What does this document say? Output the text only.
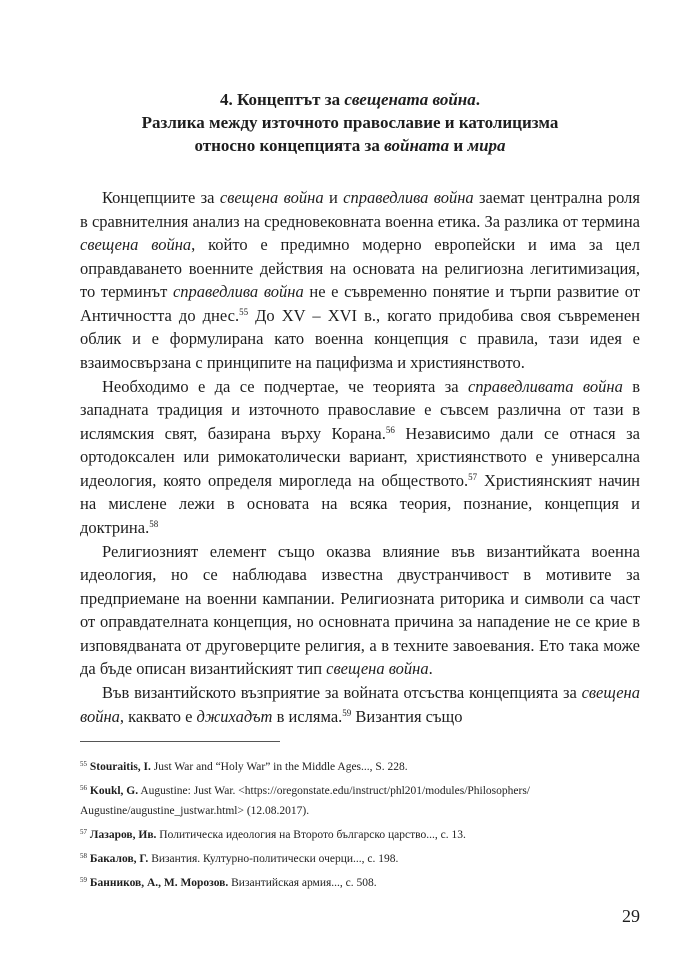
4. Концептът за свещената война.
Разлика между източното православие и католицизма
относно концепцията за войната и мира

Концепциите за свещена война и справедлива война заемат централна роля в сравнителния анализ на средновековната военна етика. За разлика от термина свещена война, който е предимно модерно европейски и има за цел оправдаването военните действия на основата на религиозна легитимизация, то терминът справедлива война не е съвременно понятие и търпи развитие от Античността до днес.$^{55}$ До XV – XVI в., когато придобива своя съвременен облик и е формулирана като военна концепция с правила, тази идея е взаимосвързана с принципите на пацифизма и християнството.

Необходимо е да се подчертае, че теорията за справедливата война в западната традиция и източното православие е съвсем различна от тази в ислямския свят, базирана върху Корана.$^{56}$ Независимо дали се отнася за ортодоксален или римокатолически вариант, християнството е универсална идеология, която определя мирогледа на обществото.$^{57}$ Християнският начин на мислене лежи в основата на всяка теория, познание, концепция и доктрина.$^{58}$

Религиозният елемент също оказва влияние във византийката военна идеология, но се наблюдава известна двустранчивост в мотивите за предприемане на военни кампании. Религиозната риторика и символи са част от оправдателната концепция, но основната причина за нападение не се крие в изповядваната от друговерците религия, а в техните завоевания. Ето така може да бъде описан византийският тип свещена война.

Във византийското възприятие за войната отсъства концепцията за свещена война, каквато е джихадът в исляма.$^{59}$ Византия също

$^{55}$ Stouraitis, I. Just War and “Holy War” in the Middle Ages..., S. 228.
$^{56}$ Koukl, G. Augustine: Just War. <https://oregonstate.edu/instruct/phl201/modules/Philosophers/ Augustine/augustine_justwar.html> (12.08.2017).
$^{57}$ Лазаров, Ив. Политическа идеология на Второто българско царство..., с. 13.
$^{58}$ Бакалов, Г. Византия. Културно-политически очерци..., с. 198.
$^{59}$ Банников, А., М. Морозов. Византийская армия..., с. 508.
29
